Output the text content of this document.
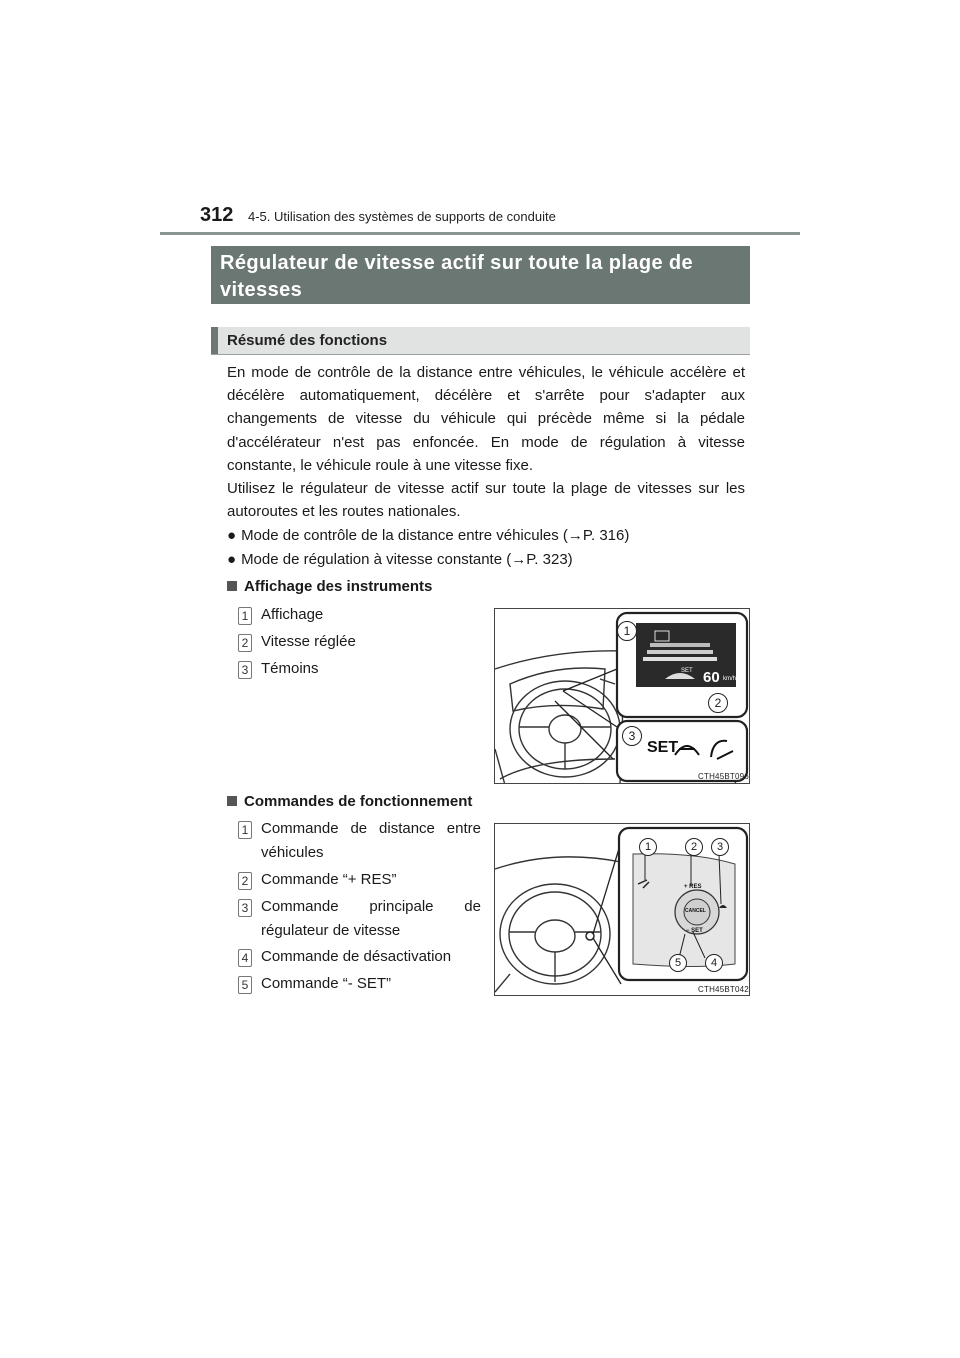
312 4-5. Utilisation des systèmes de supports de conduite
Régulateur de vitesse actif sur toute la plage de vitesses
Résumé des fonctions
En mode de contrôle de la distance entre véhicules, le véhicule accélère et décélère automatiquement, décélère et s'arrête pour s'adapter aux changements de vitesse du véhicule qui précède même si la pédale d'accélérateur n'est pas enfoncée. En mode de régulation à vitesse constante, le véhicule roule à une vitesse fixe.
Utilisez le régulateur de vitesse actif sur toute la plage de vitesses sur les autoroutes et les routes nationales.
● Mode de contrôle de la distance entre véhicules (→P. 316)
● Mode de régulation à vitesse constante (→P. 323)
Affichage des instruments
1 Affichage
2 Vitesse réglée
3 Témoins
1
2
3
SET
SET 60 km/h
CTH45BT096
Commandes de fonctionnement
1 Commande de distance entre véhicules
2 Commande “+ RES”
3 Commande principale de régulateur de vitesse
4 Commande de désactivation
5 Commande “- SET”
1	2	3
4
5
+ RES
CANCEL
− SET
CTH45BT042
